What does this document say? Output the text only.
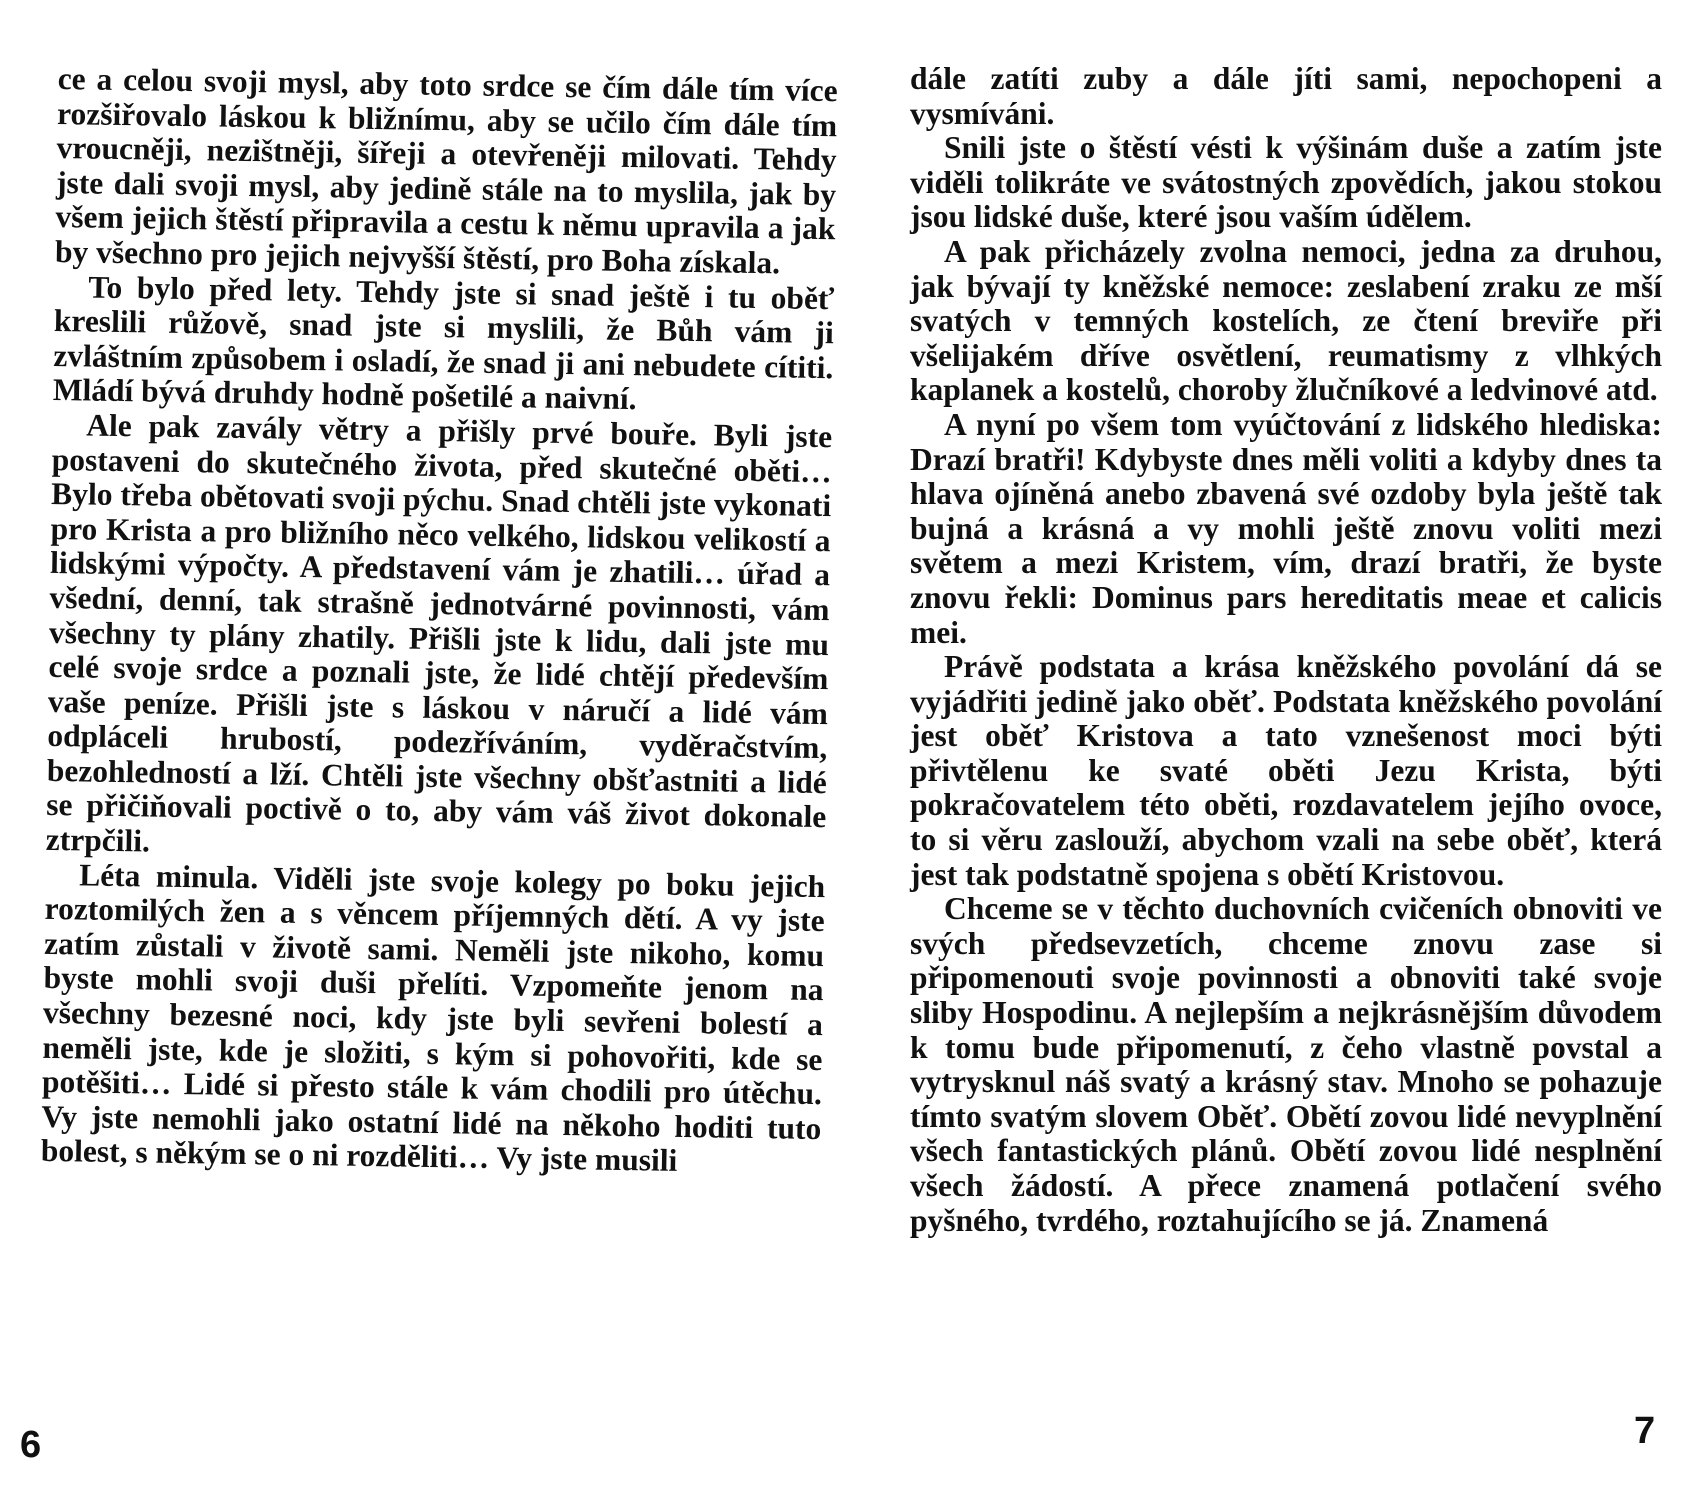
ce a celou svoji mysl, aby toto srdce se čím dále tím více rozšiřovalo láskou k bližnímu, aby se učilo čím dále tím vroucněji, nezištněji, šířeji a otevřeněji milovati. Tehdy jste dali svoji mysl, aby jedině stále na to myslila, jak by všem jejich štěstí připravila a cestu k němu upravila a jak by všechno pro jejich nejvyšší štěstí, pro Boha získala.

To bylo před lety. Tehdy jste si snad ještě i tu oběť kreslili růžově, snad jste si myslili, že Bůh vám ji zvláštním způsobem i osladí, že snad ji ani nebudete cítiti. Mládí bývá druhdy hodně pošetilé a naivní.

Ale pak zavály větry a přišly prvé bouře. Byli jste postaveni do skutečného života, před skutečné oběti… Bylo třeba obětovati svoji pýchu. Snad chtěli jste vykonati pro Krista a pro bližního něco velkého, lidskou velikostí a lidskými výpočty. A představení vám je zhatili… úřad a všední, denní, tak strašně jednotvárné povinnosti, vám všechny ty plány zhatily. Přišli jste k lidu, dali jste mu celé svoje srdce a poznali jste, že lidé chtějí především vaše peníze. Přišli jste s láskou v náručí a lidé vám odpláceli hrubostí, podezříváním, vyděračstvím, bezohledností a lží. Chtěli jste všechny obšťastniti a lidé se přičiňovali poctivě o to, aby vám váš život dokonale ztrpčili.

Léta minula. Viděli jste svoje kolegy po boku jejich roztomilých žen a s věncem příjemných dětí. A vy jste zatím zůstali v životě sami. Neměli jste nikoho, komu byste mohli svoji duši přelíti. Vzpomeňte jenom na všechny bezesné noci, kdy jste byli sevřeni bolestí a neměli jste, kde je složiti, s kým si pohovořiti, kde se potěšiti… Lidé si přesto stále k vám chodili pro útěchu. Vy jste nemohli jako ostatní lidé na někoho hoditi tuto bolest, s někým se o ni rozděliti… Vy jste musili

dále zatíti zuby a dále jíti sami, nepochopeni a vysmíváni.

Snili jste o štěstí vésti k výšinám duše a zatím jste viděli tolikráte ve svátostných zpovědích, jakou stokou jsou lidské duše, které jsou vaším údělem.

A pak přicházely zvolna nemoci, jedna za druhou, jak bývají ty kněžské nemoce: zeslabení zraku ze mší svatých v temných kostelích, ze čtení breviře při všelijakém dříve osvětlení, reumatismy z vlhkých kaplanek a kostelů, choroby žlučníkové a ledvinové atd.

A nyní po všem tom vyúčtování z lidského hlediska: Drazí bratři! Kdybyste dnes měli voliti a kdyby dnes ta hlava ojíněná anebo zbavená své ozdoby byla ještě tak bujná a krásná a vy mohli ještě znovu voliti mezi světem a mezi Kristem, vím, drazí bratři, že byste znovu řekli: Dominus pars hereditatis meae et calicis mei.

Právě podstata a krása kněžského povolání dá se vyjádřiti jedině jako oběť. Podstata kněžského povolání jest oběť Kristova a tato vznešenost moci býti přivtělenu ke svaté oběti Jezu Krista, býti pokračovatelem této oběti, rozdavatelem jejího ovoce, to si věru zaslouží, abychom vzali na sebe oběť, která jest tak podstatně spojena s obětí Kristovou.

Chceme se v těchto duchovních cvičeních obnoviti ve svých předsevzetích, chceme znovu zase si připomenouti svoje povinnosti a obnoviti také svoje sliby Hospodinu. A nejlepším a nejkrásnějším důvodem k tomu bude připomenutí, z čeho vlastně povstal a vytrysknul náš svatý a krásný stav. Mnoho se pohazuje tímto svatým slovem Oběť. Obětí zovou lidé nevyplnění všech fantastických plánů. Obětí zovou lidé nesplnění všech žádostí. A přece znamená potlačení svého pyšného, tvrdého, roztahujícího se já. Znamená

6	7
